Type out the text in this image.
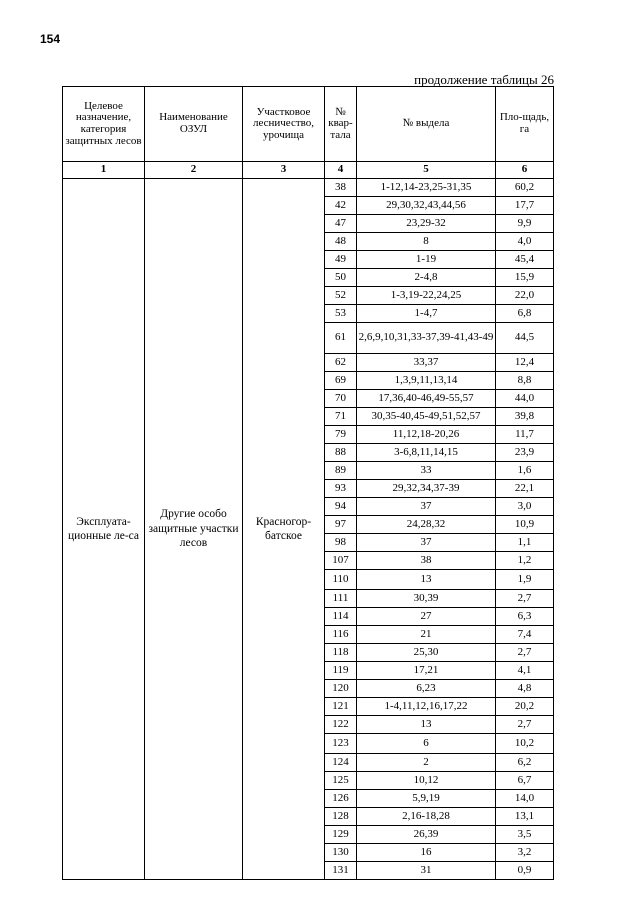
154
продолжение таблицы 26
Целевое назначение, категория защитных лесов	Наименование ОЗУЛ	Участковое лесничество, урочища	№ квар-тала	№ выдела	Пло-щадь, га
1	2	3	4	5	6
Эксплуата-ционные ле-са	Другие особо защитные участки лесов	Красногор-батское	38	1-12,14-23,25-31,35	60,2
			42	29,30,32,43,44,56	17,7
			47	23,29-32	9,9
			48	8	4,0
			49	1-19	45,4
			50	2-4,8	15,9
			52	1-3,19-22,24,25	22,0
			53	1-4,7	6,8
			61	2,6,9,10,31,33-37,39-41,43-49	44,5
			62	33,37	12,4
			69	1,3,9,11,13,14	8,8
			70	17,36,40-46,49-55,57	44,0
			71	30,35-40,45-49,51,52,57	39,8
			79	11,12,18-20,26	11,7
			88	3-6,8,11,14,15	23,9
			89	33	1,6
			93	29,32,34,37-39	22,1
			94	37	3,0
			97	24,28,32	10,9
			98	37	1,1
			107	38	1,2
			110	13	1,9
			111	30,39	2,7
			114	27	6,3
			116	21	7,4
			118	25,30	2,7
			119	17,21	4,1
			120	6,23	4,8
			121	1-4,11,12,16,17,22	20,2
			122	13	2,7
			123	6	10,2
			124	2	6,2
			125	10,12	6,7
			126	5,9,19	14,0
			128	2,16-18,28	13,1
			129	26,39	3,5
			130	16	3,2
			131	31	0,9
